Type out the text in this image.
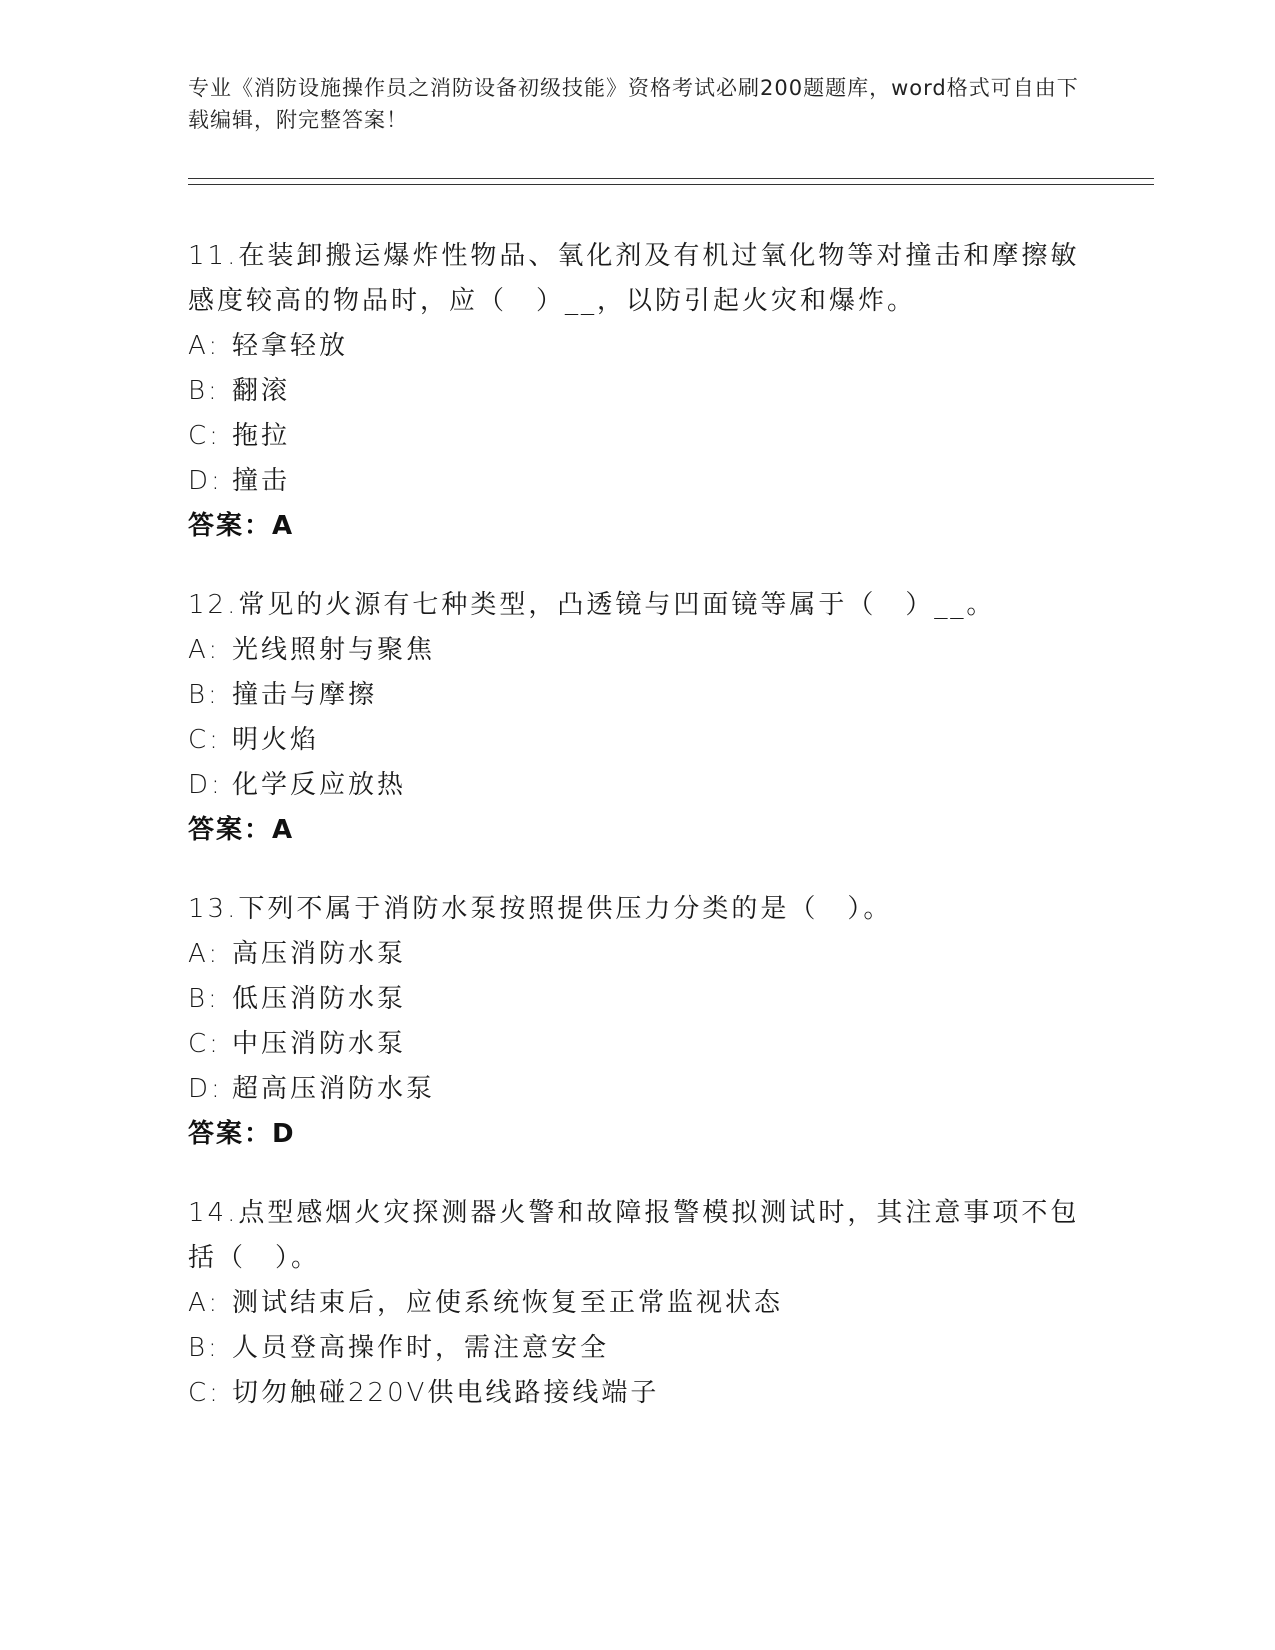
专业《消防设施操作员之消防设备初级技能》资格考试必刷200题题库，word格式可自由下载编辑，附完整答案！
11.在装卸搬运爆炸性物品、氧化剂及有机过氧化物等对撞击和摩擦敏感度较高的物品时，应（　）__，以防引起火灾和爆炸。
A: 轻拿轻放
B: 翻滚
C: 拖拉
D: 撞击
答案：A
12.常见的火源有七种类型，凸透镜与凹面镜等属于（　）__。
A: 光线照射与聚焦
B: 撞击与摩擦
C: 明火焰
D: 化学反应放热
答案：A
13.下列不属于消防水泵按照提供压力分类的是（　）。
A: 高压消防水泵
B: 低压消防水泵
C: 中压消防水泵
D: 超高压消防水泵
答案：D
14.点型感烟火灾探测器火警和故障报警模拟测试时，其注意事项不包括（　）。
A: 测试结束后，应使系统恢复至正常监视状态
B: 人员登高操作时，需注意安全
C: 切勿触碰220V供电线路接线端子
